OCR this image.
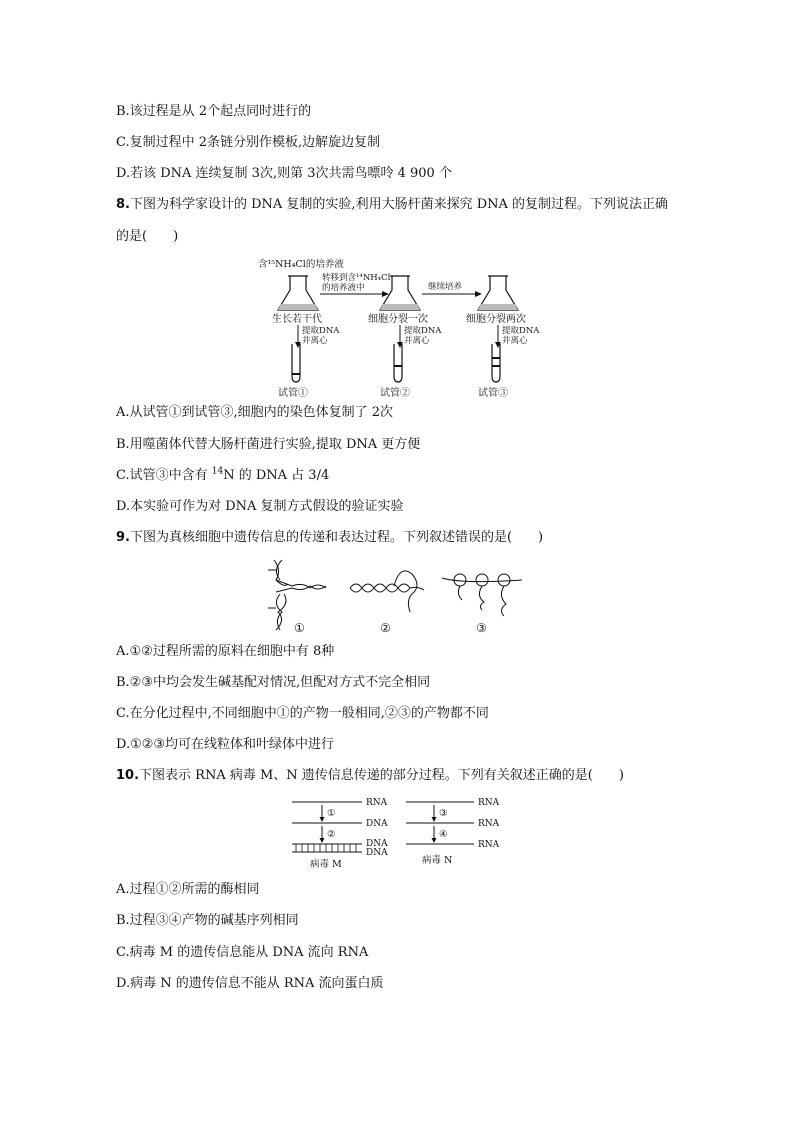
B.该过程是从 2个起点同时进行的
C.复制过程中 2条链分别作模板,边解旋边复制
D.若该 DNA 连续复制 3次,则第 3次共需鸟嘌呤 4 900 个
8.下图为科学家设计的 DNA 复制的实验,利用大肠杆菌来探究 DNA 的复制过程。下列说法正确
的是(　　)
含¹⁵NH₄Cl的培养液
转移到含¹⁴NH₄Cl
的培养液中	继续培养
生长若干代	细胞分裂一次	细胞分裂两次
提取DNA
并离心
提取DNA
并离心
提取DNA
并离心
试管①	试管②	试管③
A.从试管①到试管③,细胞内的染色体复制了 2次
B.用噬菌体代替大肠杆菌进行实验,提取 DNA 更方便
C.试管③中含有 $^{14}$N 的 DNA 占 3/4
D.本实验可作为对 DNA 复制方式假设的验证实验
9.下图为真核细胞中遗传信息的传递和表达过程。下列叙述错误的是(　　)
①	②	③
A.①②过程所需的原料在细胞中有 8种
B.②③中均会发生碱基配对情况,但配对方式不完全相同
C.在分化过程中,不同细胞中①的产物一般相同,②③的产物都不同
D.①②③均可在线粒体和叶绿体中进行
10.下图表示 RNA 病毒 M、N 遗传信息传递的部分过程。下列有关叙述正确的是(　　)
①
②
RNA
DNA
DNA
DNA
病毒 M
③
④
RNA
RNA
RNA
病毒 N
A.过程①②所需的酶相同
B.过程③④产物的碱基序列相同
C.病毒 M 的遗传信息能从 DNA 流向 RNA
D.病毒 N 的遗传信息不能从 RNA 流向蛋白质
